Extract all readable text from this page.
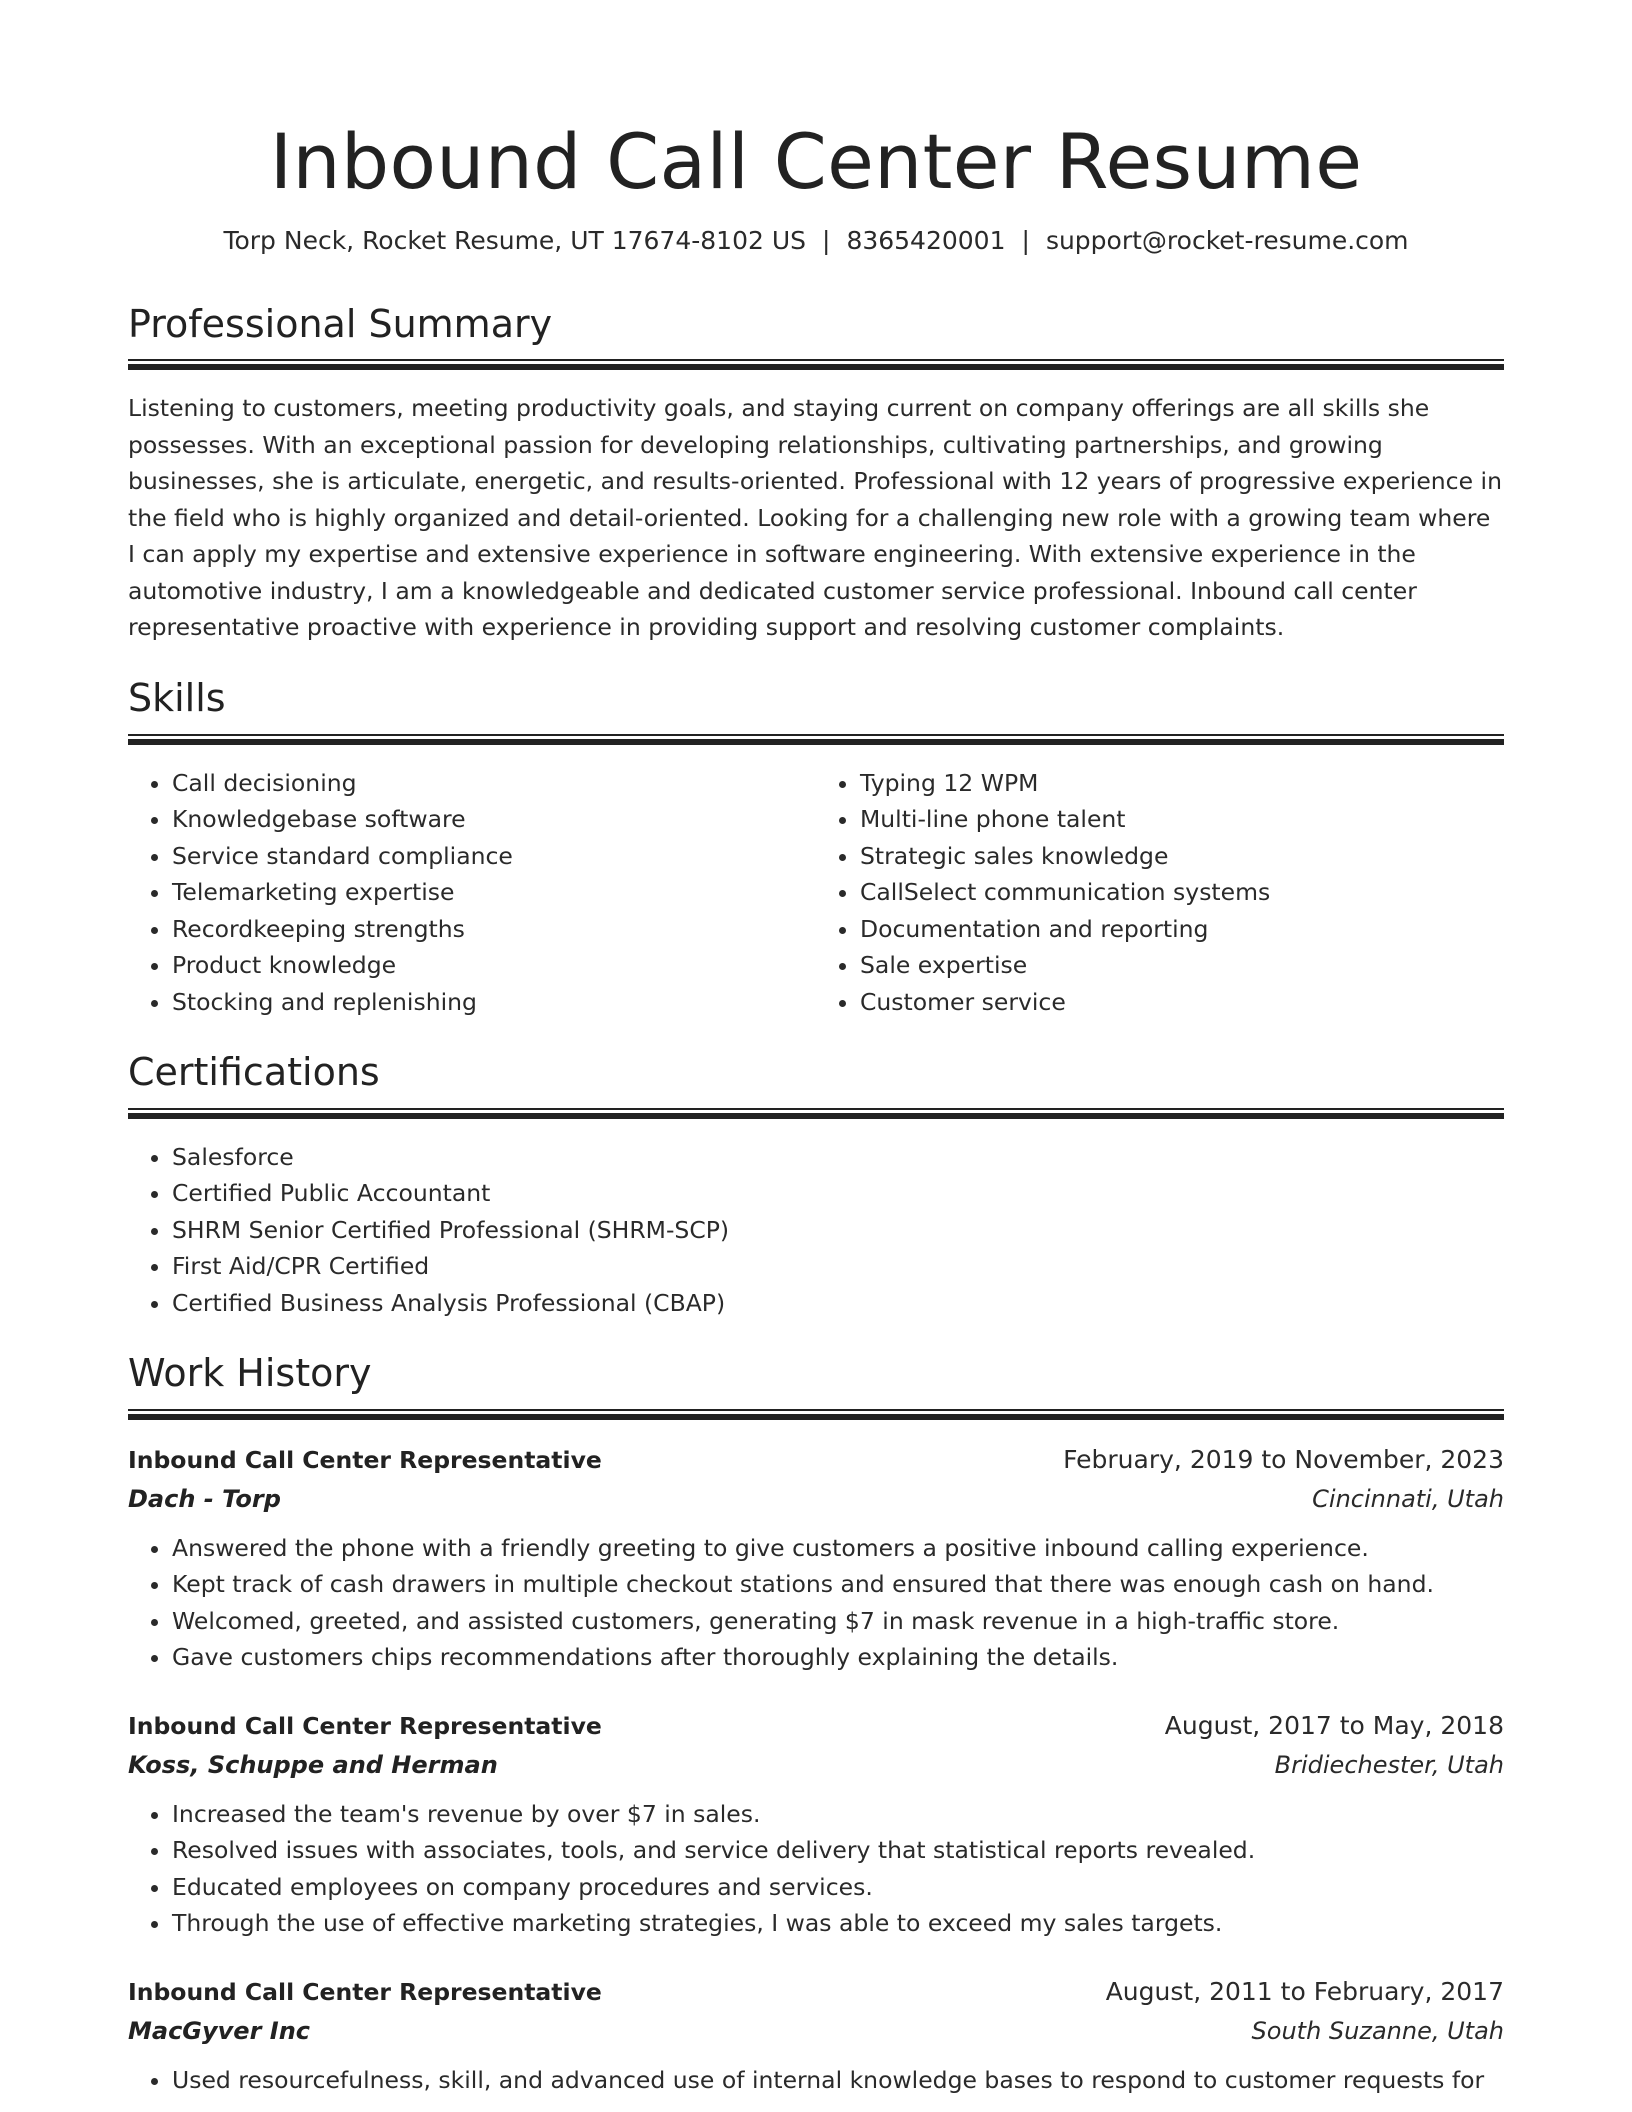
Inbound Call Center Resume
Torp Neck, Rocket Resume, UT 17674-8102 US | 8365420001 | support@rocket-resume.com
Professional Summary

Listening to customers, meeting productivity goals, and staying current on company offerings are all skills she possesses. With an exceptional passion for developing relationships, cultivating partnerships, and growing businesses, she is articulate, energetic, and results-oriented. Professional with 12 years of progressive experience in the field who is highly organized and detail-oriented. Looking for a challenging new role with a growing team where I can apply my expertise and extensive experience in software engineering. With extensive experience in the automotive industry, I am a knowledgeable and dedicated customer service professional. Inbound call center representative proactive with experience in providing support and resolving customer complaints.

Skills
• Call decisioning
• Knowledgebase software
• Service standard compliance
• Telemarketing expertise
• Recordkeeping strengths
• Product knowledge
• Stocking and replenishing
• Typing 12 WPM
• Multi-line phone talent
• Strategic sales knowledge
• CallSelect communication systems
• Documentation and reporting
• Sale expertise
• Customer service
Certifications
• Salesforce
• Certified Public Accountant
• SHRM Senior Certified Professional (SHRM-SCP)
• First Aid/CPR Certified
• Certified Business Analysis Professional (CBAP)
Work History
Inbound Call Center Representative	February, 2019 to November, 2023
Dach - Torp	Cincinnati, Utah
• Answered the phone with a friendly greeting to give customers a positive inbound calling experience.
• Kept track of cash drawers in multiple checkout stations and ensured that there was enough cash on hand.
• Welcomed, greeted, and assisted customers, generating $7 in mask revenue in a high-traffic store.
• Gave customers chips recommendations after thoroughly explaining the details.
Inbound Call Center Representative	August, 2017 to May, 2018
Koss, Schuppe and Herman	Bridiechester, Utah
• Increased the team's revenue by over $7 in sales.
• Resolved issues with associates, tools, and service delivery that statistical reports revealed.
• Educated employees on company procedures and services.
• Through the use of effective marketing strategies, I was able to exceed my sales targets.
Inbound Call Center Representative	August, 2011 to February, 2017
MacGyver Inc	South Suzanne, Utah
• Used resourcefulness, skill, and advanced use of internal knowledge bases to respond to customer requests for
